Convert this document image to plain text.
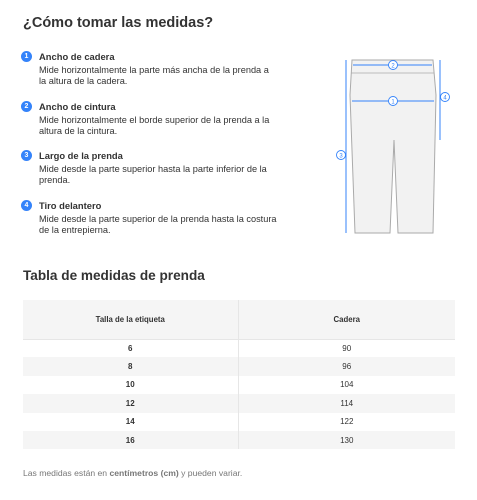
¿Cómo tomar las medidas?
1	Ancho de cadera
Mide horizontalmente la parte más ancha de la prenda a
la altura de la cadera.
2	Ancho de cintura
Mide horizontalmente el borde superior de la prenda a la
altura de la cintura.
3	Largo de la prenda
Mide desde la parte superior hasta la parte inferior de la
prenda.
4	Tiro delantero
Mide desde la parte superior de la prenda hasta la costura
de la entrepierna.
2
1
3
4
Tabla de medidas de prenda
Talla de la etiqueta	Cadera
6	90
8	96
10	104
12	114
14	122
16	130
Las medidas están en centímetros (cm) y pueden variar.
